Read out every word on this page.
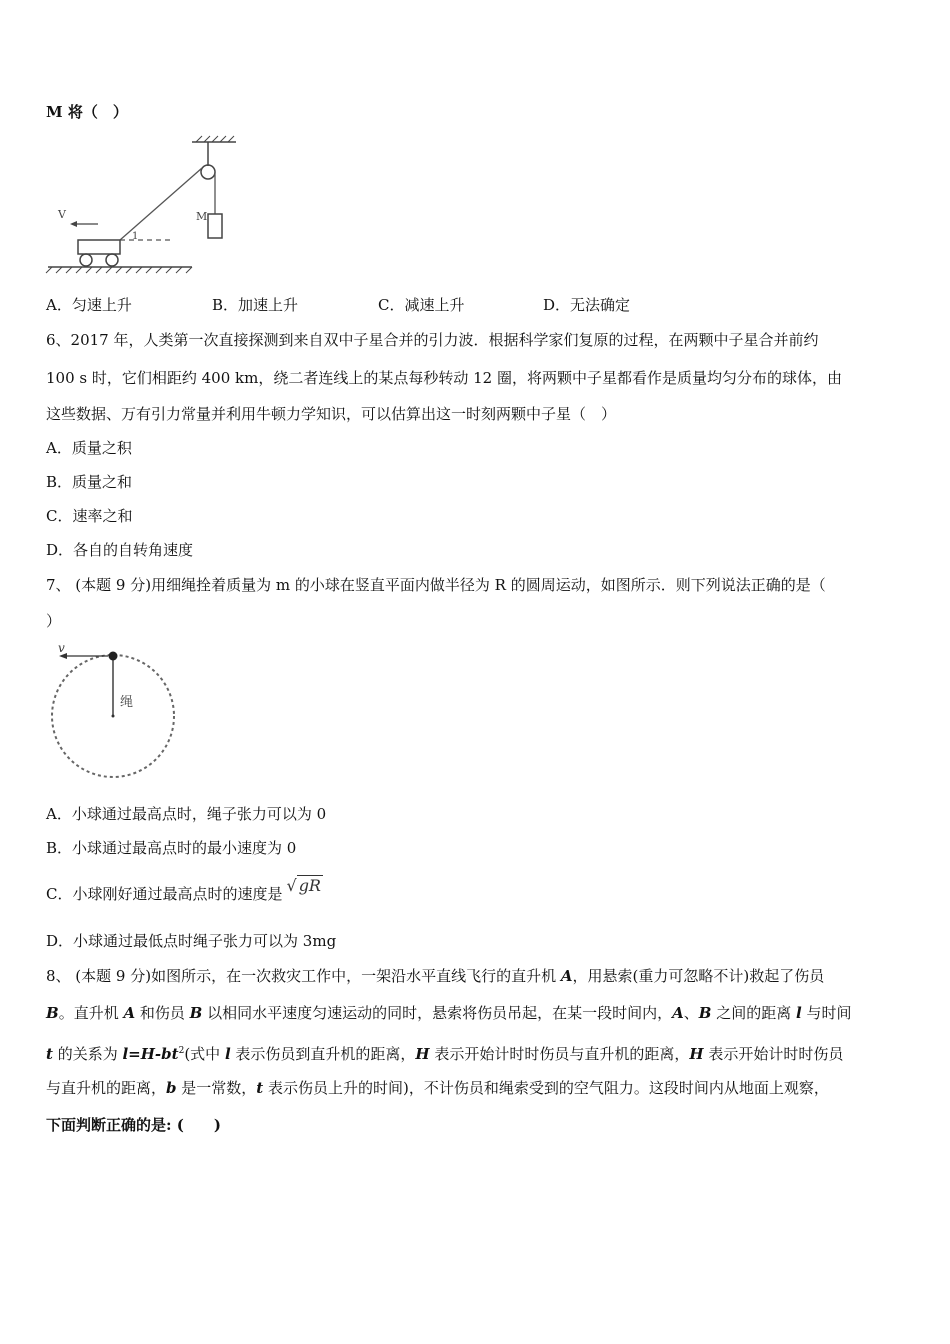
M 将（　）
M
V
1
A．匀速上升	B．加速上升	C．减速上升	D．无法确定
6、2017 年，人类第一次直接探测到来自双中子星合并的引力波．根据科学家们复原的过程，在两颗中子星合并前约
100 s 时，它们相距约 400 km，绕二者连线上的某点每秒转动 12 圈，将两颗中子星都看作是质量均匀分布的球体，由
这些数据、万有引力常量并利用牛顿力学知识，可以估算出这一时刻两颗中子星（　）
A．质量之积
B．质量之和
C．速率之和
D．各自的自转角速度
7、 (本题 9 分)用细绳拴着质量为 m 的小球在竖直平面内做半径为 R 的圆周运动，如图所示．则下列说法正确的是（
）
v
绳
A．小球通过最高点时，绳子张力可以为 0
B．小球通过最高点时的最小速度为 0
C．小球刚好通过最高点时的速度是 √ gR
D．小球通过最低点时绳子张力可以为 3mg
8、 (本题 9 分)如图所示，在一次救灾工作中，一架沿水平直线飞行的直升机 A，用悬索(重力可忽略不计)救起了伤员
B。直升机 A 和伤员 B 以相同水平速度匀速运动的同时，悬索将伤员吊起，在某一段时间内，A、B 之间的距离 l 与时间
t 的关系为 $l=H-bt^2$(式中 l 表示伤员到直升机的距离，H 表示开始计时时伤员与直升机的距离，H 表示开始计时时伤员
与直升机的距离，b 是一常数，t 表示伤员上升的时间)，不计伤员和绳索受到的空气阻力。这段时间内从地面上观察，
下面判断正确的是: (　　)
